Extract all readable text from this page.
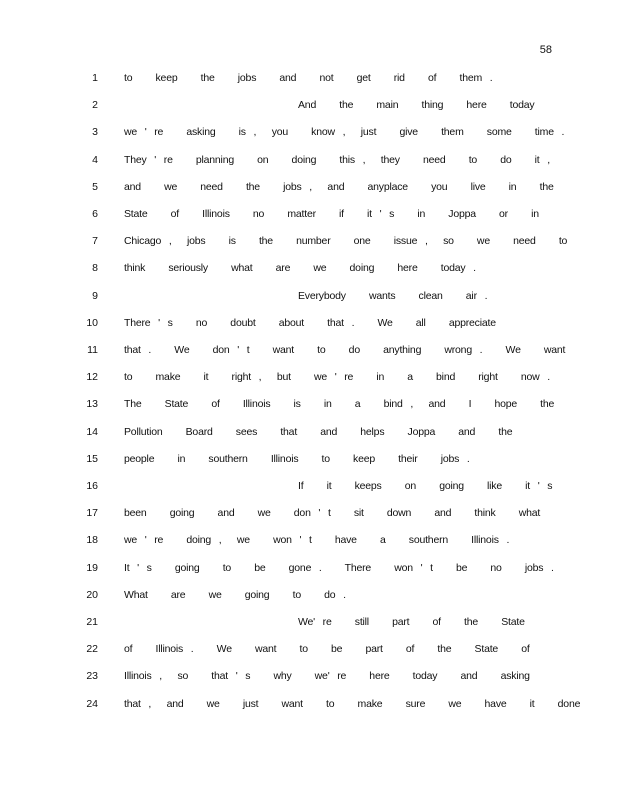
58
1 to   keep   the   jobs   and   not   get   rid   of   them .
2	And   the   main   thing   here   today
3 we ' re   asking   is ,  you   know ,  just   give   them   some   time .
4 They ' re   planning   on   doing   this ,  they   need   to   do   it ,
5 and   we   need   the   jobs ,  and   anyplace   you   live   in   the
6 State   of   Illinois   no   matter   if   it ' s   in   Joppa   or   in
7 Chicago ,  jobs   is   the   number   one   issue ,  so   we   need   to
8 think   seriously   what   are   we   doing   here   today .
9	Everybody   wants   clean   air .
10 There ' s   no   doubt   about   that .   We   all   appreciate
11 that .   We   don ' t   want   to   do   anything   wrong .   We   want
12 to   make   it   right ,  but   we ' re   in   a   bind   right   now .
13 The   State   of   Illinois   is   in   a   bind ,  and   I   hope   the
14 Pollution   Board   sees   that   and   helps   Joppa   and   the
15 people   in   southern   Illinois   to   keep   their   jobs .
16	If   it   keeps   on   going   like   it ' s
17 been   going   and   we   don ' t   sit   down   and   think   what
18 we ' re   doing ,  we   won ' t   have   a   southern   Illinois .
19 It ' s   going   to   be   gone .   There   won ' t   be   no   jobs .
20 What   are   we   going   to   do .
21	We' re   still   part   of   the   State
22 of   Illinois .   We   want   to   be   part   of   the   State   of
23 Illinois ,  so   that ' s   why   we' re   here   today   and   asking
24 that ,  and   we   just   want   to   make   sure   we   have   it   done
